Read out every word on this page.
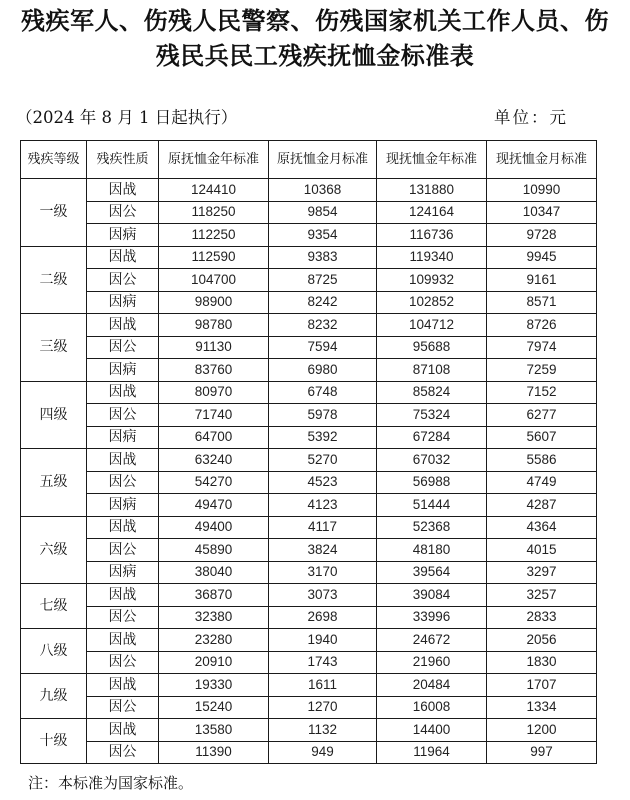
残疾军人、伤残人民警察、伤残国家机关工作人员、伤
残民兵民工残疾抚恤金标准表
（2024 年 8 月 1 日起执行）	单位：元
残疾等级	残疾性质	原抚恤金年标准	原抚恤金月标准	现抚恤金年标准	现抚恤金月标准
一级	因战	124410	10368	131880	10990
	因公	118250	9854	124164	10347
	因病	112250	9354	116736	9728
二级	因战	112590	9383	119340	9945
	因公	104700	8725	109932	9161
	因病	98900	8242	102852	8571
三级	因战	98780	8232	104712	8726
	因公	91130	7594	95688	7974
	因病	83760	6980	87108	7259
四级	因战	80970	6748	85824	7152
	因公	71740	5978	75324	6277
	因病	64700	5392	67284	5607
五级	因战	63240	5270	67032	5586
	因公	54270	4523	56988	4749
	因病	49470	4123	51444	4287
六级	因战	49400	4117	52368	4364
	因公	45890	3824	48180	4015
	因病	38040	3170	39564	3297
七级	因战	36870	3073	39084	3257
	因公	32380	2698	33996	2833
八级	因战	23280	1940	24672	2056
	因公	20910	1743	21960	1830
九级	因战	19330	1611	20484	1707
	因公	15240	1270	16008	1334
十级	因战	13580	1132	14400	1200
	因公	11390	949	11964	997
注：本标准为国家标准。
